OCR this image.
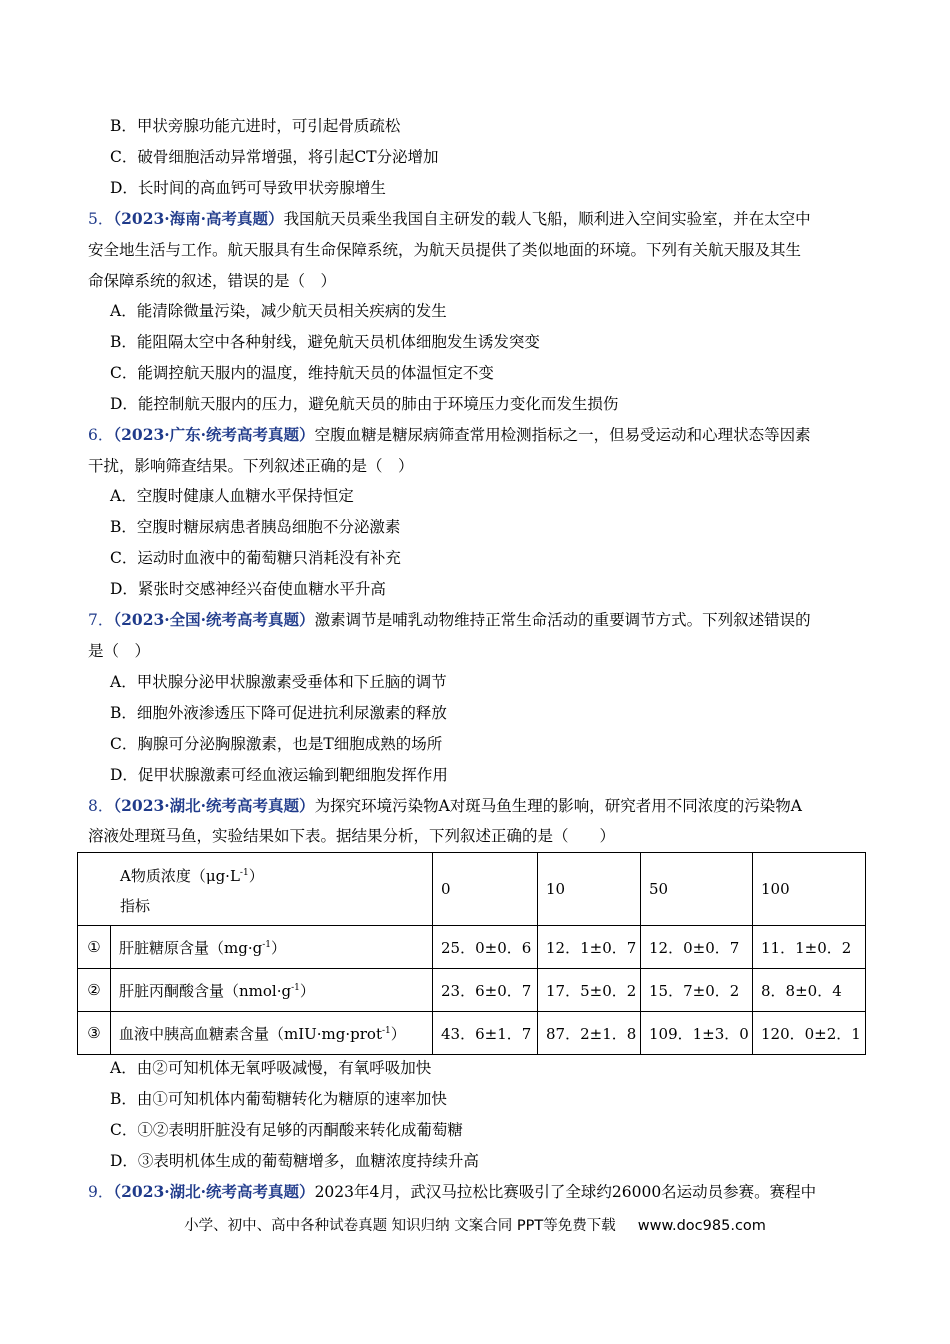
B．甲状旁腺功能亢进时，可引起骨质疏松
C．破骨细胞活动异常增强，将引起CT分泌增加
D．长时间的高血钙可导致甲状旁腺增生
5．（2023·海南·高考真题）我国航天员乘坐我国自主研发的载人飞船，顺利进入空间实验室，并在太空中
安全地生活与工作。航天服具有生命保障系统，为航天员提供了类似地面的环境。下列有关航天服及其生
命保障系统的叙述，错误的是（　）
A．能清除微量污染，减少航天员相关疾病的发生
B．能阻隔太空中各种射线，避免航天员机体细胞发生诱发突变
C．能调控航天服内的温度，维持航天员的体温恒定不变
D．能控制航天服内的压力，避免航天员的肺由于环境压力变化而发生损伤
6．（2023·广东·统考高考真题）空腹血糖是糖尿病筛查常用检测指标之一，但易受运动和心理状态等因素
干扰，影响筛查结果。下列叙述正确的是（　）
A．空腹时健康人血糖水平保持恒定
B．空腹时糖尿病患者胰岛细胞不分泌激素
C．运动时血液中的葡萄糖只消耗没有补充
D．紧张时交感神经兴奋使血糖水平升高
7．（2023·全国·统考高考真题）激素调节是哺乳动物维持正常生命活动的重要调节方式。下列叙述错误的
是（　）
A．甲状腺分泌甲状腺激素受垂体和下丘脑的调节
B．细胞外液渗透压下降可促进抗利尿激素的释放
C．胸腺可分泌胸腺激素，也是T细胞成熟的场所
D．促甲状腺激素可经血液运输到靶细胞发挥作用
8．（2023·湖北·统考高考真题）为探究环境污染物A对斑马鱼生理的影响，研究者用不同浓度的污染物A
溶液处理斑马鱼，实验结果如下表。据结果分析，下列叙述正确的是（　　）
A物质浓度$(\mu g\cdot L^{-1})$
指标		0	10	50	100
①	肝脏糖原含量$(mg\cdot g^{-1})$	25．0±0．6	12．1±0．7	12．0±0．7	11．1±0．2
②	肝脏丙酮酸含量$(nmol\cdot g^{-1})$	23．6±0．7	17．5±0．2	15．7±0．2	8．8±0．4
③	血液中胰高血糖素含量（mIU·mg·prot$^{-1}$）	43．6±1．7	87．2±1．8	109．1±3．0	120．0±2．1
A．由②可知机体无氧呼吸减慢，有氧呼吸加快
B．由①可知机体内葡萄糖转化为糖原的速率加快
C．①②表明肝脏没有足够的丙酮酸来转化成葡萄糖
D．③表明机体生成的葡萄糖增多，血糖浓度持续升高
9．（2023·湖北·统考高考真题）2023年4月，武汉马拉松比赛吸引了全球约26000名运动员参赛。赛程中
小学、初中、高中各种试卷真题 知识归纳 文案合同 PPT等免费下载 www.doc985.com
